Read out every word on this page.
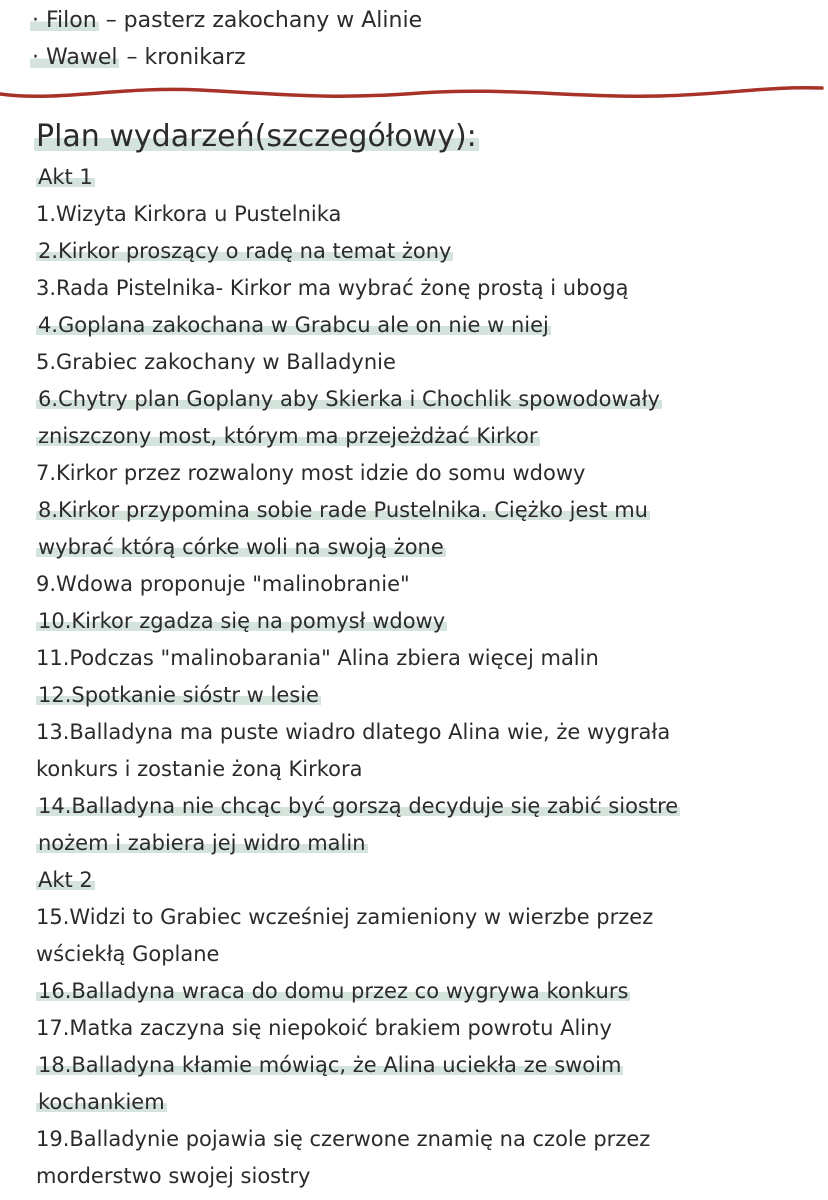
· Filon – pasterz zakochany w Alinie
· Wawel – kronikarz
Plan wydarzeń(szczegółowy):
Akt 1
1.Wizyta Kirkora u Pustelnika
2.Kirkor proszący o radę na temat żony
3.Rada Pistelnika- Kirkor ma wybrać żonę prostą i ubogą
4.Goplana zakochana w Grabcu ale on nie w niej
5.Grabiec zakochany w Balladynie
6.Chytry plan Goplany aby Skierka i Chochlik spowodowały
zniszczony most, którym ma przejeżdżać Kirkor
7.Kirkor przez rozwalony most idzie do somu wdowy
8.Kirkor przypomina sobie rade Pustelnika. Ciężko jest mu
wybrać którą córke woli na swoją żone
9.Wdowa proponuje "malinobranie"
10.Kirkor zgadza się na pomysł wdowy
11.Podczas "malinobarania" Alina zbiera więcej malin
12.Spotkanie sióstr w lesie
13.Balladyna ma puste wiadro dlatego Alina wie, że wygrała
konkurs i zostanie żoną Kirkora
14.Balladyna nie chcąc być gorszą decyduje się zabić siostre
nożem i zabiera jej widro malin
Akt 2
15.Widzi to Grabiec wcześniej zamieniony w wierzbe przez
wściekłą Goplane
16.Balladyna wraca do domu przez co wygrywa konkurs
17.Matka zaczyna się niepokoić brakiem powrotu Aliny
18.Balladyna kłamie mówiąc, że Alina uciekła ze swoim
kochankiem
19.Balladynie pojawia się czerwone znamię na czole przez
morderstwo swojej siostry
